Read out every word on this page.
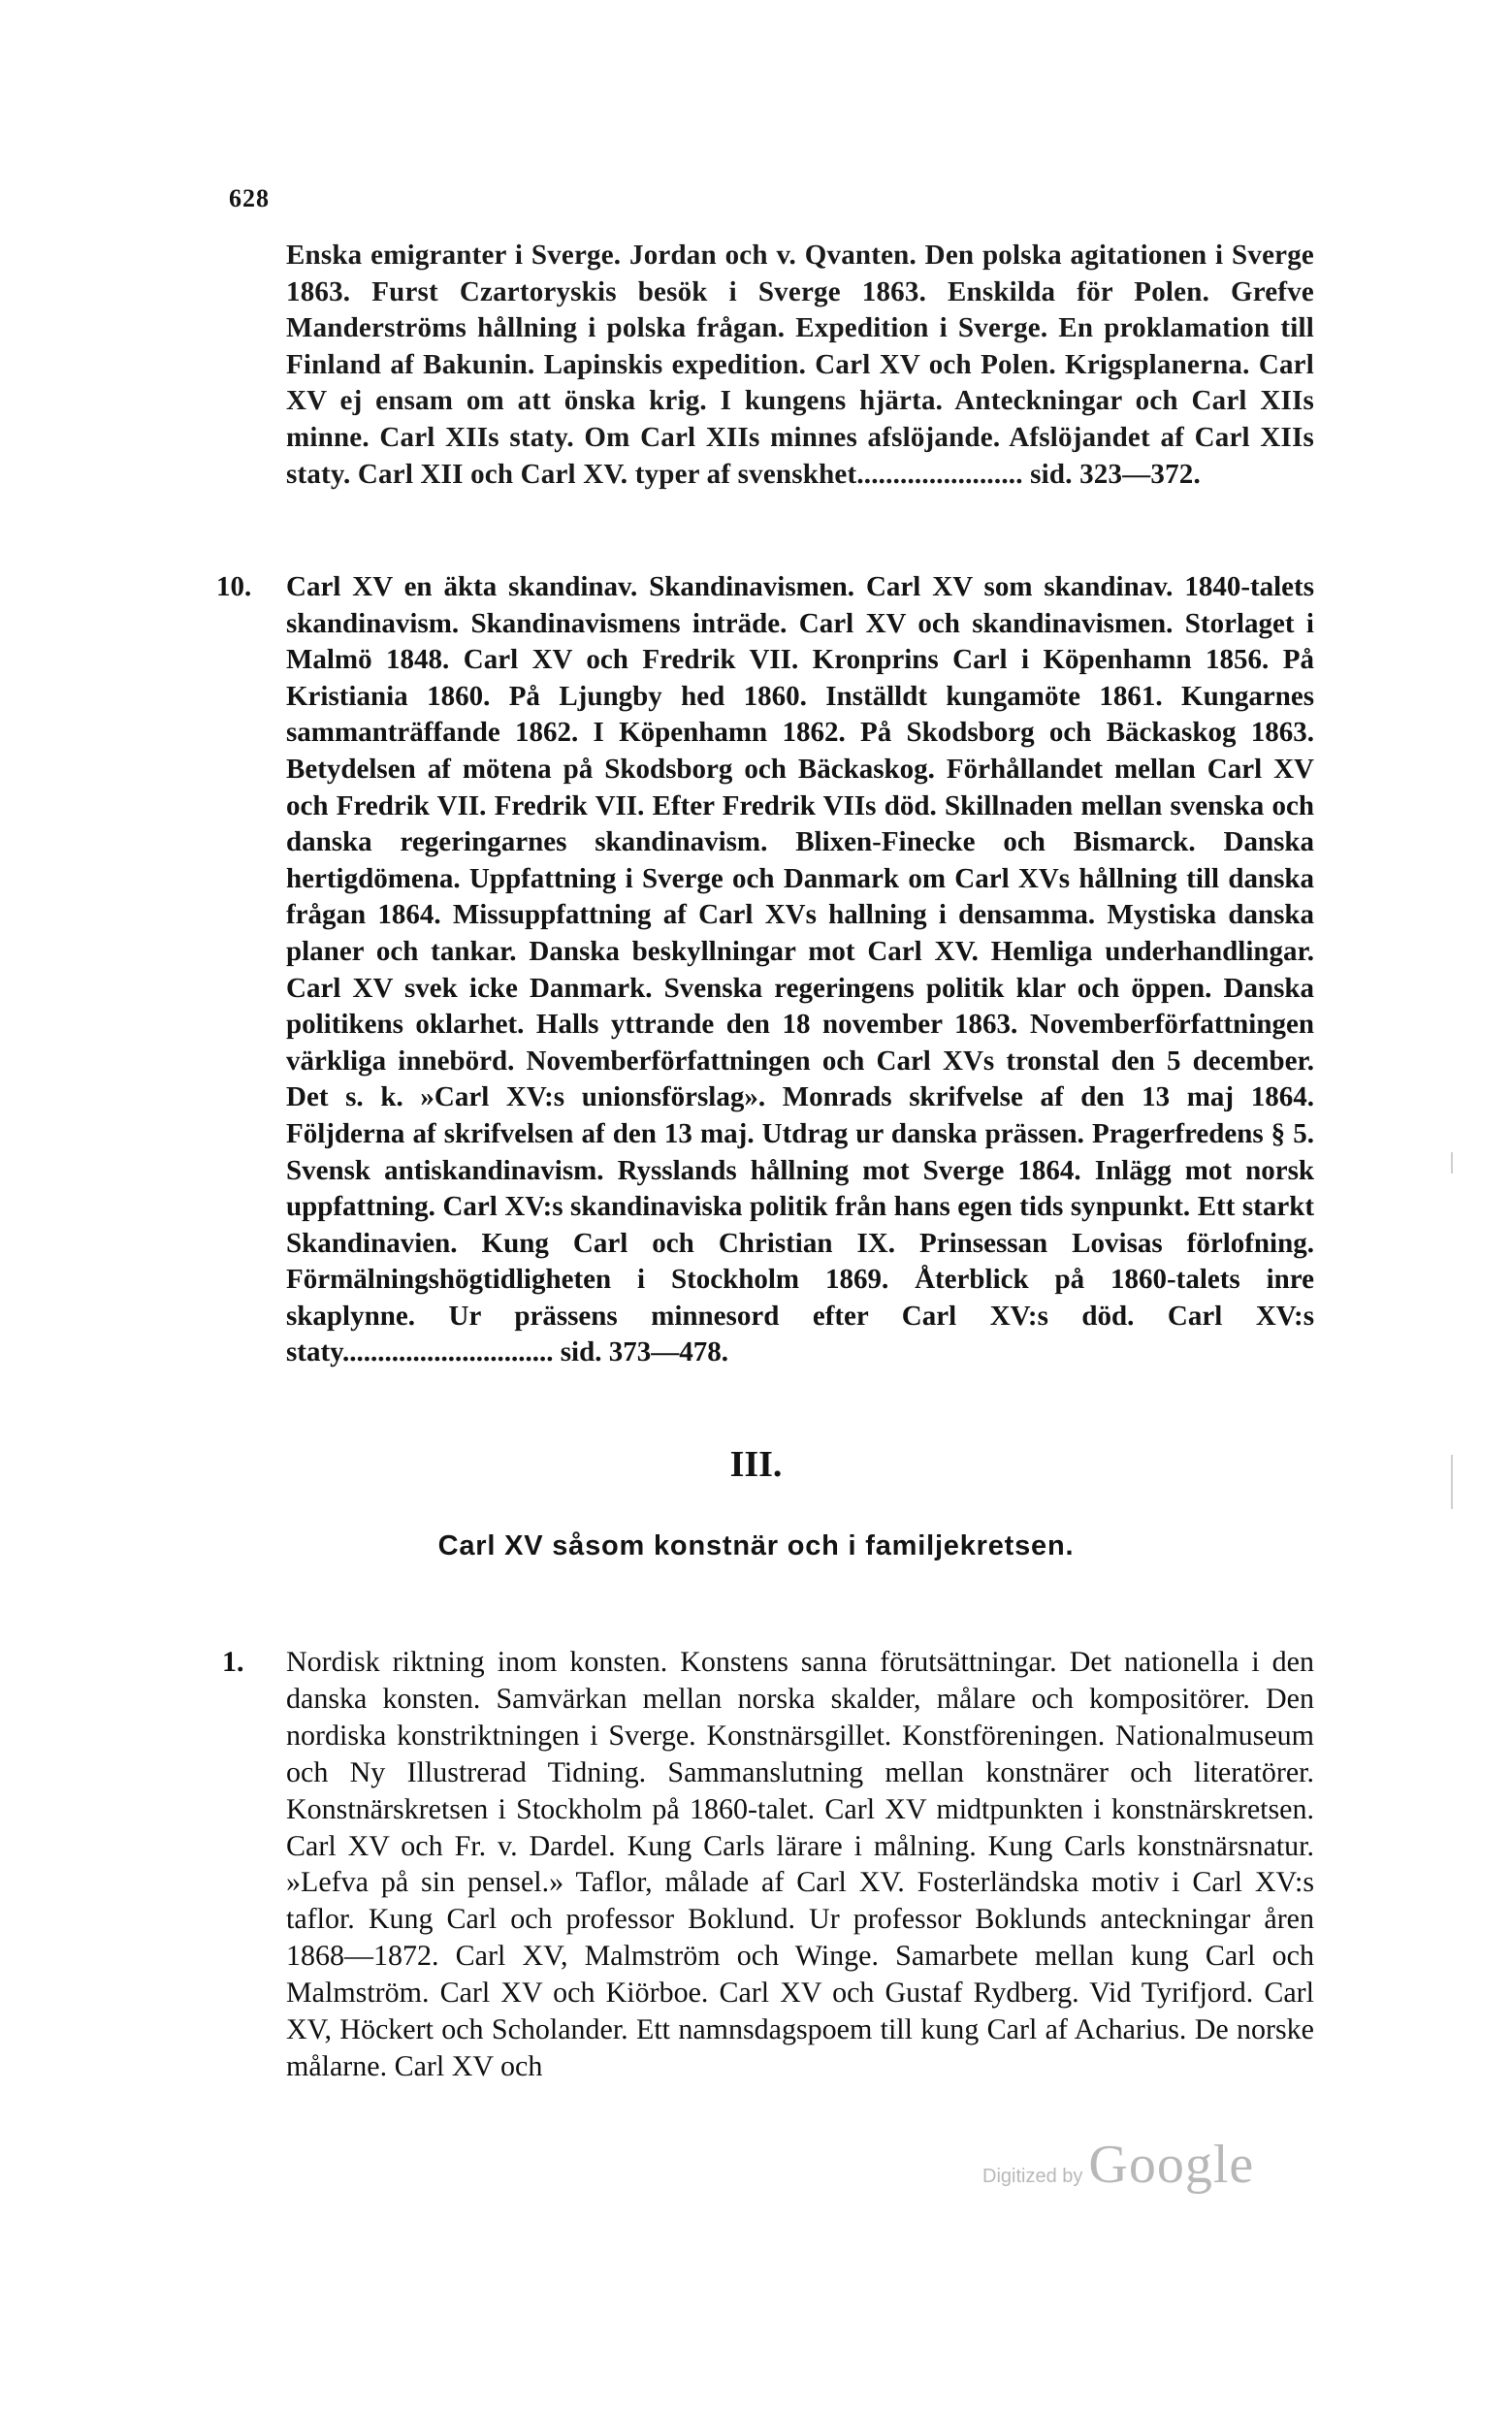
628
Enska emigranter i Sverge. Jordan och v. Qvanten. Den polska agitationen i Sverge 1863. Furst Czartoryskis besök i Sverge 1863. Enskilda för Polen. Grefve Manderströms hållning i polska frågan. Expedition i Sverge. En proklamation till Finland af Bakunin. Lapinskis expedition. Carl XV och Polen. Krigsplanerna. Carl XV ej ensam om att önska krig. I kungens hjärta. Anteckningar och Carl XIIs minne. Carl XIIs staty. Om Carl XIIs minnes afslöjande. Afslöjandet af Carl XIIs staty. Carl XII och Carl XV. typer af svenskhet....................... sid. 323—372.
10. Carl XV en äkta skandinav. Skandinavismen. Carl XV som skandinav. 1840-talets skandinavism. Skandinavismens inträde. Carl XV och skandinavismen. Storlaget i Malmö 1848. Carl XV och Fredrik VII. Kronprins Carl i Köpenhamn 1856. På Kristiania 1860. På Ljungby hed 1860. Inställdt kungamöte 1861. Kungarnes sammanträffande 1862. I Köpenhamn 1862. På Skodsborg och Bäckaskog 1863. Betydelsen af mötena på Skodsborg och Bäckaskog. Förhållandet mellan Carl XV och Fredrik VII. Fredrik VII. Efter Fredrik VIIs död. Skillnaden mellan svenska och danska regeringarnes skandinavism. Blixen-Finecke och Bismarck. Danska hertigdömena. Uppfattning i Sverge och Danmark om Carl XVs hållning till danska frågan 1864. Missuppfattning af Carl XVs hallning i densamma. Mystiska danska planer och tankar. Danska beskyllningar mot Carl XV. Hemliga underhandlingar. Carl XV svek icke Danmark. Svenska regeringens politik klar och öppen. Danska politikens oklarhet. Halls yttrande den 18 november 1863. Novemberförfattningen värkliga innebörd. Novemberförfattningen och Carl XVs tronstal den 5 december. Det s. k. »Carl XV:s unionsförslag». Monrads skrifvelse af den 13 maj 1864. Följderna af skrifvelsen af den 13 maj. Utdrag ur danska prässen. Pragerfredens § 5. Svensk antiskandinavism. Rysslands hållning mot Sverge 1864. Inlägg mot norsk uppfattning. Carl XV:s skandinaviska politik från hans egen tids synpunkt. Ett starkt Skandinavien. Kung Carl och Christian IX. Prinsessan Lovisas förlofning. Förmälningshögtidligheten i Stockholm 1869. Återblick på 1860-talets inre skaplynne. Ur prässens minnesord efter Carl XV:s död. Carl XV:s staty.............................. sid. 373—478.
III.
Carl XV såsom konstnär och i familjekretsen.
1. Nordisk riktning inom konsten. Konstens sanna förutsättningar. Det nationella i den danska konsten. Samvärkan mellan norska skalder, målare och kompositörer. Den nordiska konstriktningen i Sverge. Konstnärsgillet. Konstföreningen. Nationalmuseum och Ny Illustrerad Tidning. Sammanslutning mellan konstnärer och literatörer. Konstnärskretsen i Stockholm på 1860-talet. Carl XV midtpunkten i konstnärskretsen. Carl XV och Fr. v. Dardel. Kung Carls lärare i målning. Kung Carls konstnärsnatur. »Lefva på sin pensel.» Taflor, målade af Carl XV. Fosterländska motiv i Carl XV:s taflor. Kung Carl och professor Boklund. Ur professor Boklunds anteckningar åren 1868—1872. Carl XV, Malmström och Winge. Samarbete mellan kung Carl och Malmström. Carl XV och Kiörboe. Carl XV och Gustaf Rydberg. Vid Tyrifjord. Carl XV, Höckert och Scholander. Ett namnsdagspoem till kung Carl af Acharius. De norske målarne. Carl XV och
Digitized by Google
